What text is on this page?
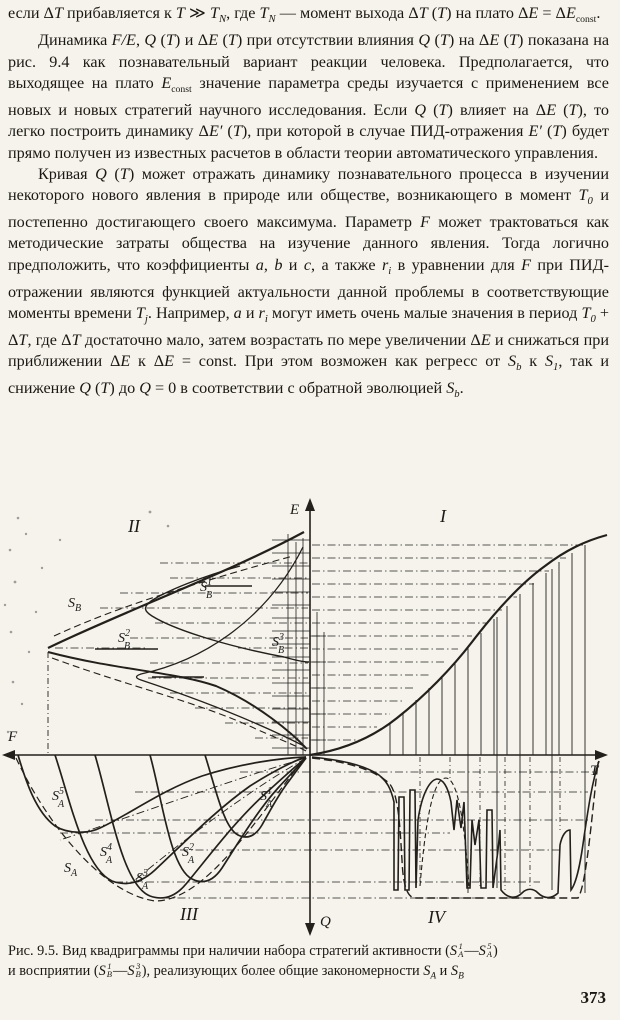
если ΔT прибавляется к T ≫ $T_N$, где $T_N$ — момент выхода ΔT (T) на плато $\Delta E = \Delta E_{const}$.

Динамика F/E, Q (T) и ΔE (T) при отсутствии влияния Q (T) на ΔE (T) показана на рис. 9.4 как познавательный вариант реакции человека. Предполагается, что выходящее на плато $E_{const}$ значение параметра среды изучается с применением все новых и новых стратегий научного исследования. Если Q (T) влияет на ΔE (T), то легко построить динамику ΔE′ (T), при которой в случае ПИД-отражения E′ (T) будет прямо получен из известных расчетов в области теории автоматического управления.

Кривая Q (T) может отражать динамику познавательного процесса в изучении некоторого нового явления в природе или обществе, возникающего в момент $T_0$ и постепенно достигающего своего максимума. Параметр F может трактоваться как методические затраты общества на изучение данного явления. Тогда логично предположить, что коэффициенты a, b и c, а также $r_i$ в уравнении для F при ПИД-отражении являются функцией актуальности данной проблемы в соответствующие моменты времени $T_j$. Например, a и $r_i$ могут иметь очень малые значения в период $T_0 + \Delta T$, где ΔT достаточно мало, затем возрастать по мере увеличении ΔE и снижаться при приближении ΔE к ΔE = const. При этом возможен как регресс от $S_b$ к $S_1$, так и снижение Q (T) до Q = 0 в соответствии с обратной эволюцией $S_b$.

E
T
F
Q
I
II
III	IV
$S_B$
$S^1$ B
$S^2$ B	$S^3$ B
$S_A$
$S^5$ A
$S^4$ A
$S^3$ A
$S^2$ A
$S^1$ A
Рис. 9.5. Вид квадриграммы при наличии набора стратегий активности (S 1
A —S 5
A )
и восприятии (S 1
B —S 3
B ), реализующих более общие закономерности $S_A$ и $S_B$
373
